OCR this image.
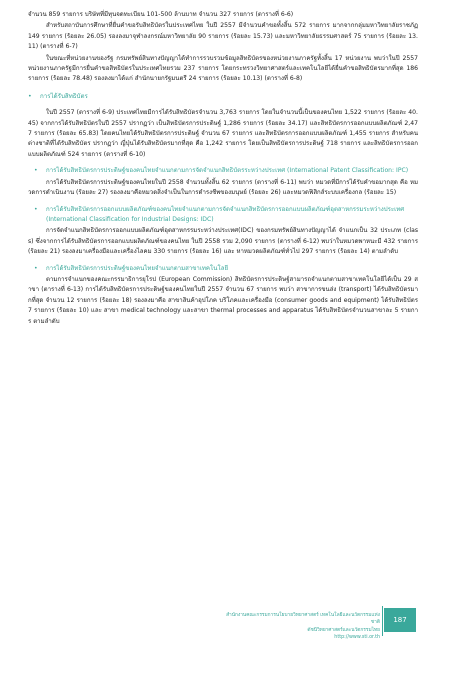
จำนวน 859 รายการ บริษัทที่มีทุนจดทะเบียน 101-500 ล้านบาท จำนวน 327 รายการ (ตารางที่ 6-6)

สำหรับสถาบันการศึกษาที่ยื่นคำขอรับสิทธิบัตรในประเทศไทย ในปี 2557 มีจำนวนคำขอทั้งสิ้น 572 รายการ มากจากกลุ่มมหาวิทยาลัยราชภัฏ 149 รายการ (ร้อยละ 26.05) รองลงมาจุฬาลงกรณ์มหาวิทยาลัย 90 รายการ (ร้อยละ 15.73) และมหาวิทยาลัยธรรมศาสตร์ 75 รายการ (ร้อยละ 13.11) (ตารางที่ 6-7)

ในขณะที่หน่วยงานของรัฐ กรมทรัพย์สินทางปัญญาได้ทำการรวบรวมข้อมูลสิทธิบัตรของหน่วยงานภาครัฐทั้งสิ้น 17 หน่วยงาน พบว่าในปี 2557 หน่วยงานภาครัฐมีการยื่นคำขอสิทธิบัตรในประเทศไทยรวม 237 รายการ โดยกระทรวงวิทยาศาสตร์และเทคโนโลยีได้ยื่นคำขอสิทธิบัตรมากที่สุด 186 รายการ (ร้อยละ 78.48) รองลงมาได้แก่ สำนักนายกรัฐมนตรี 24 รายการ (ร้อยละ 10.13) (ตารางที่ 6-8)

•	การได้รับสิทธิบัตร

ในปี 2557 (ตารางที่ 6-9) ประเทศไทยมีการได้รับสิทธิบัตรจำนวน 3,763 รายการ โดยในจำนวนนี้เป็นของคนไทย 1,522 รายการ (ร้อยละ 40.45) จากการได้รับสิทธิบัตรในปี 2557 ปรากฏว่า เป็นสิทธิบัตรการประดิษฐ์ 1,286 รายการ (ร้อยละ 34.17) และสิทธิบัตรการออกแบบผลิตภัณฑ์ 2,477 รายการ (ร้อยละ 65.83) โดยคนไทยได้รับสิทธิบัตรการประดิษฐ์ จำนวน 67 รายการ และสิทธิบัตรการออกแบบผลิตภัณฑ์ 1,455 รายการ สำหรับคนต่างชาติที่ได้รับสิทธิบัตร ปรากฏว่า ญี่ปุ่นได้รับสิทธิบัตรมากที่สุด คือ 1,242 รายการ โดยเป็นสิทธิบัตรการประดิษฐ์ 718 รายการ และสิทธิบัตรการออกแบบผลิตภัณฑ์ 524 รายการ (ตารางที่ 6-10)

• การได้รับสิทธิบัตรการประดิษฐ์ของคนไทยจำแนกตามการจัดจำแนกสิทธิบัตรระหว่างประเทศ (International Patent Classification: IPC)

การได้รับสิทธิบัตรการประดิษฐ์ของคนไทยในปี 2558 จำนวนทั้งสิ้น 62 รายการ (ตารางที่ 6-11) พบว่า หมวดที่มีการได้รับคำขอมากสุด คือ หมวดการดำเนินงาน (ร้อยละ 27) รองลงมาคือหมวดสิ่งจำเป็นในการดำรงชีพของมนุษย์ (ร้อยละ 26) และหมวดฟิสิกส์ระบบเครื่องกล (ร้อยละ 15)

• การได้รับสิทธิบัตรการออกแบบผลิตภัณฑ์ของคนไทยจำแนกตามการจัดจำแนกสิทธิบัตรการออกแบบผลิตภัณฑ์อุตสาหกรรมระหว่างประเทศ (International Classification for Industrial Designs: IDC)

การจัดจำแนกสิทธิบัตรการออกแบบผลิตภัณฑ์อุตสาหกรรมระหว่างประเทศ(IDC) ของกรมทรัพย์สินทางปัญญาได้ จำแนกเป็น 32 ประเภท (class) ซึ่งจากการได้รับสิทธิบัตรการออกแบบผลิตภัณฑ์ของคนไทย ในปี 2558 รวม 2,090 รายการ (ตารางที่ 6-12) พบว่าในหมวดพาหนะมี 432 รายการ (ร้อยละ 21) รองลงมาเครื่องมือและเครื่องไลคม 330 รายการ (ร้อยละ 16) และ หาหมวดผลิตภัณฑ์ทั่วไป 297 รายการ (ร้อยละ 14) ตามลำดับ

• การได้รับสิทธิบัตรการประดิษฐ์ของคนไทยจำแนกตามสาขาเทคโนโลยี

ตามการจำแนกของคณะกรรมาธิการยุโรป (European Commission) สิทธิบัตรการประดิษฐ์สามารถจำแนกตามสาขาเทคโนโลยีได้เป็น 29 สาขา (ตารางที่ 6-13) การได้รับสิทธิบัตรการประดิษฐ์ของคนไทยในปี 2557 จำนวน 67 รายการ พบว่า สาขาการขนส่ง (transport) ได้รับสิทธิบัตรมากที่สุด จำนวน 12 รายการ (ร้อยละ 18) รองลงมาคือ สาขาสินค้าอุปโภค บริโภคและเครื่องมือ (consumer goods and equipment) ได้รับสิทธิบัตร 7 รายการ (ร้อยละ 10) และ สาขา medical technology และสาขา thermal processes and apparatus ได้รับสิทธิบัตรจำนวนสาขาละ 5 รายการ ตามลำดับ

สำนักงานคณะกรรมการนโยบายวิทยาศาสตร์ เทคโนโลยีและนวัตกรรมแห่งชาติ
ดัชนีวิทยาศาสตร์และนวัตกรรมไทย
http://www.sti.or.th
187
